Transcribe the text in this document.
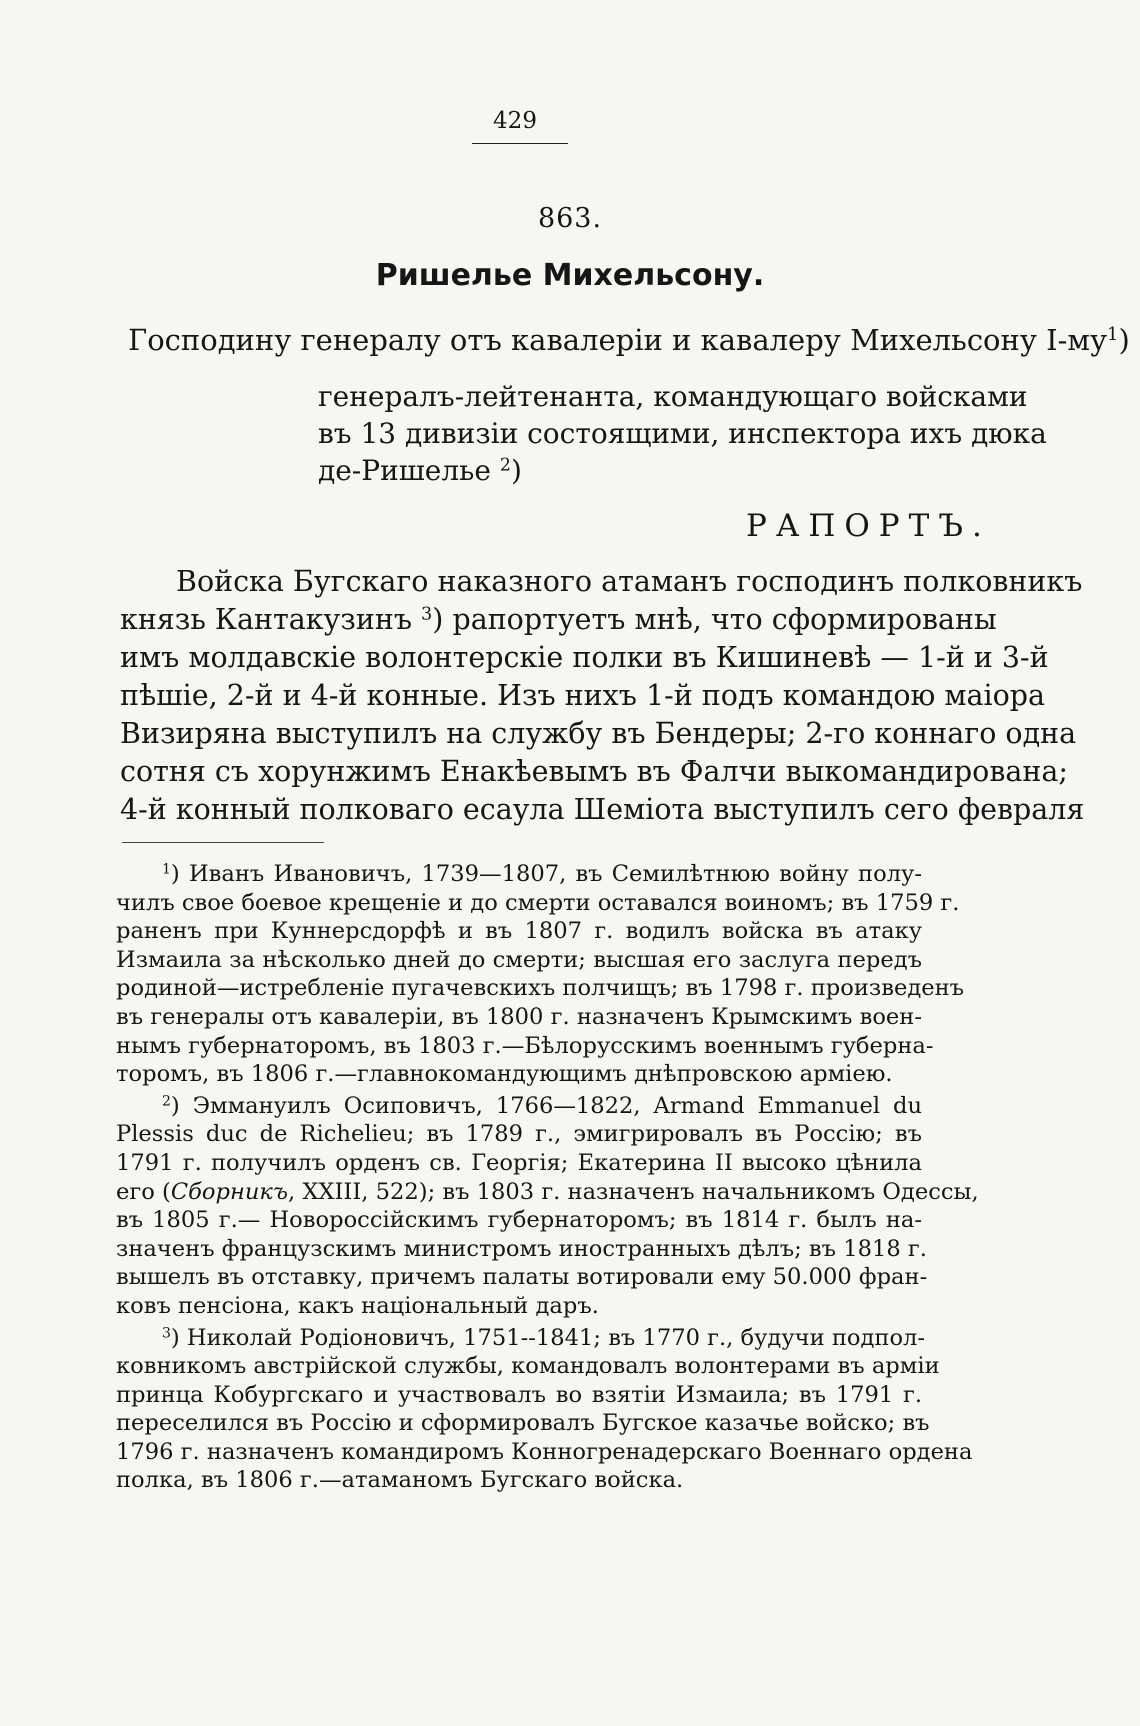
429
863.
Ришелье Михельсону.
Господину генералу отъ кавалеріи и кавалеру Михельсону $I-му^1$)
генералъ-лейтенанта, командующаго войсками
въ 13 дивизіи состоящими, инспектора ихъ дюка
де-Ришелье $^2$)
РАПОРТЪ.
Войска Бугскаго наказного атаманъ господинъ полковникъ
князь Кантакузинъ $^3$) рапортуетъ мнѣ, что сформированы
имъ молдавскіе волонтерскіе полки въ Кишиневѣ — 1-й и 3-й
пѣшіе, 2-й и 4-й конные. Изъ нихъ 1-й подъ командою маіора
Визиряна выступилъ на службу въ Бендеры; 2-го коннаго одна
сотня съ хорунжимъ Енакѣевымъ въ Фалчи выкомандирована;
4-й конный полковаго есаула Шеміота выступилъ сего февраля
$^1$) Иванъ Ивановичъ, 1739—1807, въ Семилѣтнюю войну полу-
чилъ свое боевое крещеніе и до смерти оставался воиномъ; въ 1759 г.
раненъ при Куннерсдорфѣ и въ 1807 г. водилъ войска въ атаку
Измаила за нѣсколько дней до смерти; высшая его заслуга передъ
родиной—истребленіе пугачевскихъ полчищъ; въ 1798 г. произведенъ
въ генералы отъ кавалеріи, въ 1800 г. назначенъ Крымскимъ воен-
нымъ губернаторомъ, въ 1803 г.—Бѣлорусскимъ военнымъ губерна-
торомъ, въ 1806 г.—главнокомандующимъ днѣпровскою арміею.
$^2$) Эммануилъ Осиповичъ, 1766—1822, Armand Emmanuel du
Plessis duc de Richelieu; въ 1789 г., эмигрировалъ въ Россію; въ
1791 г. получилъ орденъ св. Георгія; Екатерина II высоко цѣнила
его (Сборникъ, XXIII, 522); въ 1803 г. назначенъ начальникомъ Одессы,
въ 1805 г.— Новороссійскимъ губернаторомъ; въ 1814 г. былъ на-
значенъ французскимъ министромъ иностранныхъ дѣлъ; въ 1818 г.
вышелъ въ отставку, причемъ палаты вотировали ему 50.000 фран-
ковъ пенсіона, какъ національный даръ.
$^3$) Николай Родіоновичъ, 1751--1841; въ 1770 г., будучи подпол-
ковникомъ австрійской службы, командовалъ волонтерами въ арміи
принца Кобургскаго и участвовалъ во взятіи Измаила; въ 1791 г.
переселился въ Россію и сформировалъ Бугское казачье войско; въ
1796 г. назначенъ командиромъ Конногренадерскаго Военнаго ордена
полка, въ 1806 г.—атаманомъ Бугскаго войска.
